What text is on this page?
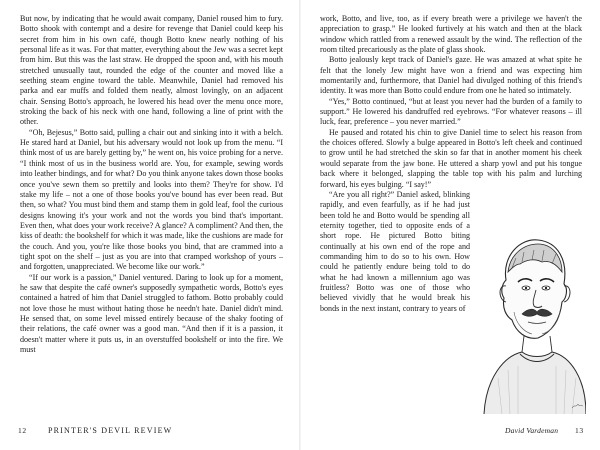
But now, by indicating that he would await company, Daniel roused him to fury. Botto shook with contempt and a desire for revenge that Daniel could keep his secret from him in his own café, though Botto knew nearly nothing of his personal life as it was. For that matter, everything about the Jew was a secret kept from him. But this was the last straw. He dropped the spoon and, with his mouth stretched unusually taut, rounded the edge of the counter and moved like a seething steam engine toward the table. Meanwhile, Daniel had removed his parka and ear muffs and folded them neatly, almost lovingly, on an adjacent chair. Sensing Botto's approach, he lowered his head over the menu once more, stroking the back of his neck with one hand, following a line of print with the other.

“Oh, Bejesus,” Botto said, pulling a chair out and sinking into it with a belch. He stared hard at Daniel, but his adversary would not look up from the menu. “I think most of us are barely getting by,” he went on, his voice probing for a nerve. “I think most of us in the business world are. You, for example, sewing words into leather bindings, and for what? Do you think anyone takes down those books once you've sewn them so prettily and looks into them? They're for show. I'd stake my life – not a one of those books you've bound has ever been read. But then, so what? You must bind them and stamp them in gold leaf, fool the curious designs knowing it's your work and not the words you bind that's important. Even then, what does your work receive? A glance? A compliment? And then, the kiss of death: the bookshelf for which it was made, like the cushions are made for the couch. And you, you're like those books you bind, that are crammed into a tight spot on the shelf – just as you are into that cramped workshop of yours – and forgotten, unappreciated. We become like our work.”

“If our work is a passion,” Daniel ventured. Daring to look up for a moment, he saw that despite the café owner's supposedly sympathetic words, Botto's eyes contained a hatred of him that Daniel struggled to fathom. Botto probably could not love those he must without hating those he needn't hate. Daniel didn't mind. He sensed that, on some level missed entirely because of the shaky footing of their relations, the café owner was a good man. “And then if it is a passion, it doesn't matter where it puts us, in an overstuffed bookshelf or into the fire. We must

12	PRINTER'S DEVIL REVIEW

work, Botto, and live, too, as if every breath were a privilege we haven't the appreciation to grasp.” He looked furtively at his watch and then at the black window which rattled from a renewed assault by the wind. The reflection of the room tilted precariously as the plate of glass shook.

Botto jealously kept track of Daniel's gaze. He was amazed at what spite he felt that the lonely Jew might have won a friend and was expecting him momentarily and, furthermore, that Daniel had divulged nothing of this friend's identity. It was more than Botto could endure from one he hated so intimately.

“Yes,” Botto continued, “but at least you never had the burden of a family to support.” He lowered his dandruffed red eyebrows. “For whatever reasons – ill luck, fear, preference – you never married.”

He paused and rotated his chin to give Daniel time to select his reason from the choices offered. Slowly a bulge appeared in Botto's left cheek and continued to grow until he had stretched the skin so far that in another moment his cheek would separate from the jaw bone. He uttered a sharp yowl and put his tongue back where it belonged, slapping the table top with his palm and lurching forward, his eyes bulging. “I say!”

“Are you all right?” Daniel asked, blinking rapidly, and even fearfully, as if he had just been told he and Botto would be spending all eternity together, tied to opposite ends of a short rope. He pictured Botto biting continually at his own end of the rope and commanding him to do so to his own. How could he patiently endure being told to do what he had known a millennium ago was fruitless? Botto was one of those who believed vividly that he would break his bonds in the next instant, contrary to years of

David Vardeman 13
